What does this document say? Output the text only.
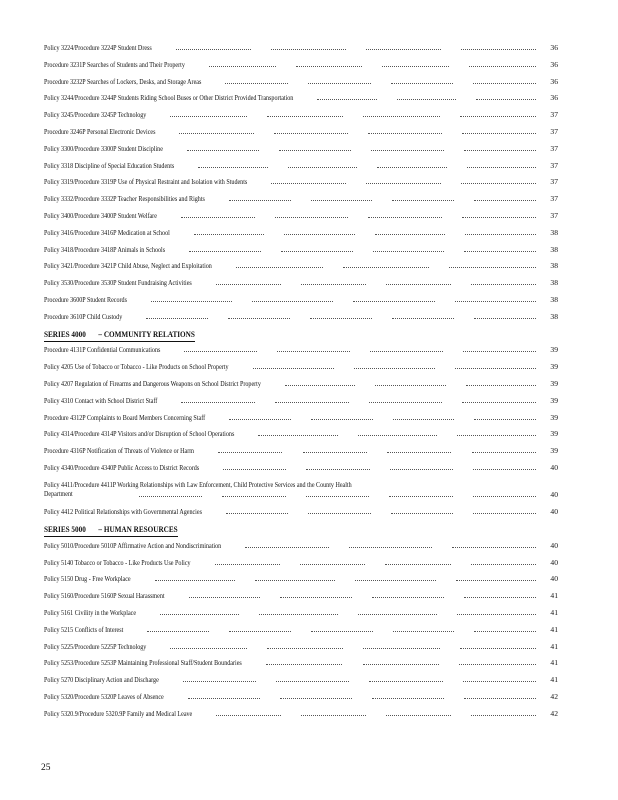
Policy 3224/Procedure 3224P Student Dress	36
Procedure 3231P Searches of Students and Their Property	36
Procedure 3232P Searches of Lockers, Desks, and Storage Areas	36
Policy 3244/Procedure 3244P Students Riding School Buses or Other District Provided Transportation	36
Policy 3245/Procedure 3245P Technology	37
Procedure 3246P Personal Electronic Devices	37
Policy 3300/Procedure 3300P Student Discipline	37
Policy 3318 Discipline of Special Education Students	37
Policy 3319/Procedure 3319P Use of Physical Restraint and Isolation with Students	37
Policy 3332/Procedure 3332P Teacher Responsibilities and Rights	37
Policy 3400/Procedure 3400P Student Welfare	37
Policy 3416/Procedure 3416P Medication at School	38
Policy 3418/Procedure 3418P Animals in Schools	38
Policy 3421/Procedure 3421P Child Abuse, Neglect and Exploitation	38
Policy 3530/Procedure 3530P Student Fundraising Activities	38
Procedure 3600P Student Records	38
Procedure 3610P Child Custody	38
SERIES 4000       – COMMUNITY RELATIONS
Procedure 4131P Confidential Communications	39
Policy 4205 Use of Tobacco or Tobacco - Like Products on School Property	39
Policy 4207 Regulation of Firearms and Dangerous Weapons on School District Property	39
Policy 4310 Contact with School District Staff	39
Procedure 4312P Complaints to Board Members Concerning Staff	39
Policy 4314/Procedure 4314P Visitors and/or Disruption of School Operations	39
Procedure 4316P Notification of Threats of Violence or Harm	39
Policy 4340/Procedure 4340P Public Access to District Records	40
Policy 4411/Procedure 4411P Working Relationships with Law Enforcement, Child Protective Services and the County Health Department	40
Policy 4412 Political Relationships with Governmental Agencies	40
SERIES 5000       – HUMAN RESOURCES
Policy 5010/Procedure 5010P Affirmative Action and Nondiscrimination	40
Policy 5140 Tobacco or Tobacco - Like Products Use Policy	40
Policy 5150 Drug - Free Workplace	40
Policy 5160/Procedure 5160P Sexual Harassment	41
Policy 5161 Civility in the Workplace	41
Policy 5215 Conflicts of Interest	41
Policy 5225/Procedure 5225P Technology	41
Policy 5253/Procedure 5253P Maintaining Professional Staff/Student Boundaries	41
Policy 5270 Disciplinary Action and Discharge	41
Policy 5320/Procedure 5320P Leaves of Absence	42
Policy 5320.9/Procedure 5320.9P Family and Medical Leave	42
25
